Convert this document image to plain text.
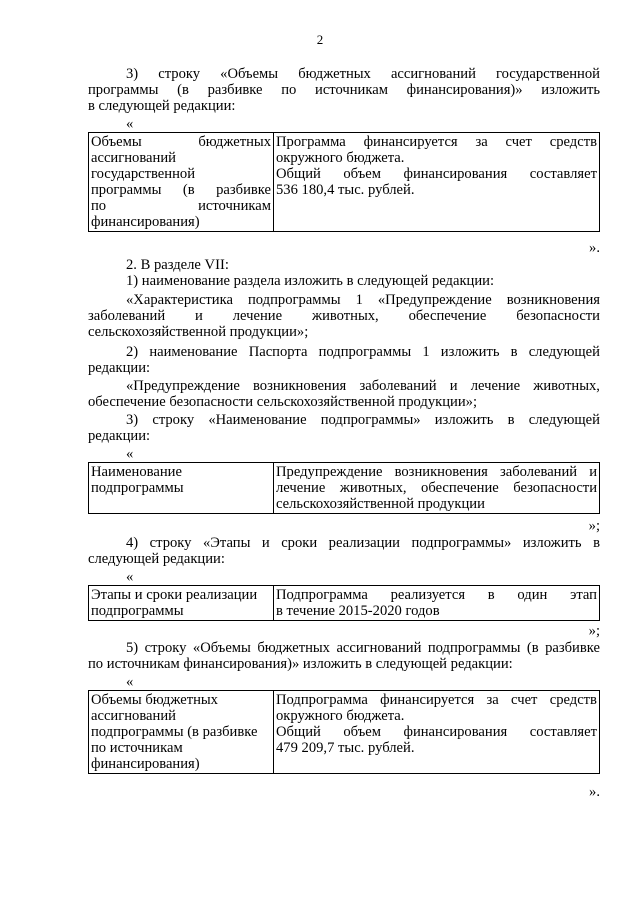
2
3) строку «Объемы бюджетных ассигнований государственной
программы (в разбивке по источникам финансирования)» изложить
в следующей редакции:
«
Объемы	бюджетных
ассигнований
государственной
программы (в разбивке
по	источникам
финансирования)

Программа финансируется за счет средств
окружного бюджета.
Общий объем финансирования составляет
536 180,4 тыс. рублей.
».
2. В разделе VII:
1) наименование раздела изложить в следующей редакции:
«Характеристика подпрограммы 1 «Предупреждение возникновения
заболеваний и лечение животных, обеспечение безопасности
сельскохозяйственной продукции»;
2) наименование Паспорта подпрограммы 1 изложить в следующей
редакции:
«Предупреждение возникновения заболеваний и лечение животных,
обеспечение безопасности сельскохозяйственной продукции»;
3) строку «Наименование подпрограммы» изложить в следующей
редакции:
«
Наименование
подпрограммы

Предупреждение возникновения заболеваний и
лечение животных, обеспечение безопасности
сельскохозяйственной продукции
»;
4) строку «Этапы и сроки реализации подпрограммы» изложить в
следующей редакции:
«
Этапы и сроки реализации
подпрограммы

Подпрограмма реализуется в один этап
в течение 2015-2020 годов
»;
5) строку «Объемы бюджетных ассигнований подпрограммы (в разбивке
по источникам финансирования)» изложить в следующей редакции:
«
Объемы бюджетных
ассигнований
подпрограммы (в разбивке
по источникам
финансирования)

Подпрограмма финансируется за счет средств
окружного бюджета.
Общий объем финансирования составляет
479 209,7 тыс. рублей.
».
